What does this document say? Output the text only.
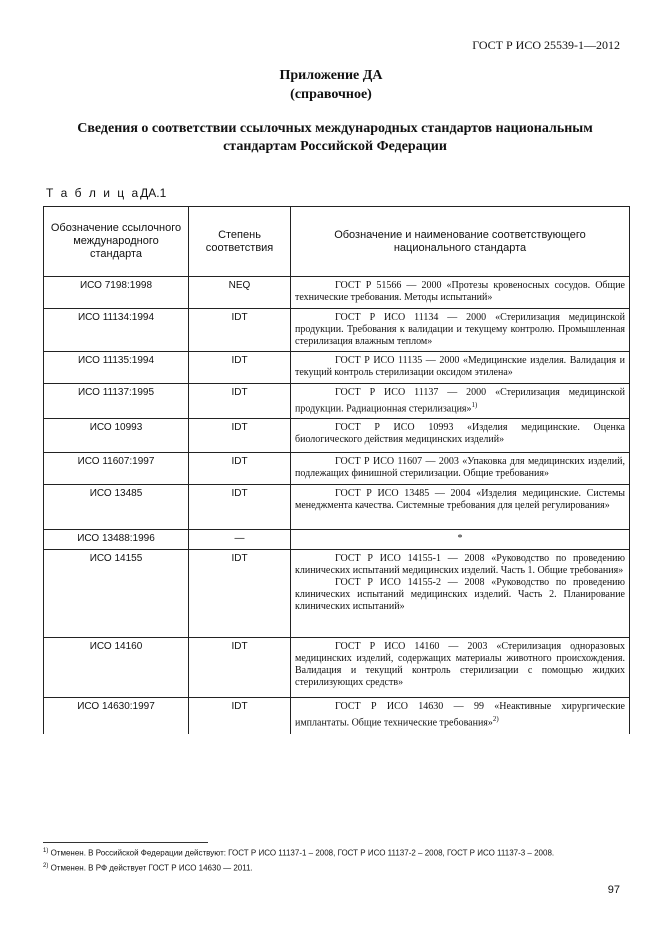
ГОСТ Р ИСО 25539-1—2012
Приложение ДА
(справочное)
Сведения о соответствии ссылочных международных стандартов национальным стандартам Российской Федерации
Т а б л и ц аДА.1
Обозначение ссылочного международного стандарта	Степень соответствия	Обозначение и наименование соответствующего национального стандарта
ИСО 7198:1998	NEQ	ГОСТ Р 51566 — 2000 «Протезы кровеносных сосудов. Общие технические требования. Методы испытаний»

ИСО 11134:1994	IDT	ГОСТ Р ИСО 11134 — 2000 «Стерилизация медицинской продукции. Требования к валидации и текущему контролю. Промышленная стерилизация влажным теплом»

ИСО 11135:1994	IDT	ГОСТ Р ИСО 11135 — 2000 «Медицинские изделия. Валидация и текущий контроль стерилизации оксидом этилена»

ИСО 11137:1995	IDT	ГОСТ Р ИСО 11137 — 2000 «Стерилизация медицинской продукции. Радиационная стерилизация»$^{1)}$

ИСО 10993	IDT	ГОСТ Р ИСО 10993 «Изделия медицинские. Оценка биологического действия медицинских изделий»

ИСО 11607:1997	IDT	ГОСТ Р ИСО 11607 — 2003 «Упаковка для медицинских изделий, подлежащих финишной стерилизации. Общие требования»

ИСО 13485	IDT	ГОСТ Р ИСО 13485 — 2004 «Изделия медицинские. Системы менеджмента качества. Системные требования для целей регулирования»

ИСО 13488:1996	—	*

ИСО 14155	IDT	ГОСТ Р ИСО 14155-1 — 2008 «Руководство по проведению клинических испытаний медицинских изделий. Часть 1. Общие требования»

ГОСТ Р ИСО 14155-2 — 2008 «Руководство по проведению клинических испытаний медицинских изделий. Часть 2. Планирование клинических испытаний»

ИСО 14160	IDT	ГОСТ Р ИСО 14160 — 2003 «Стерилизация одноразовых медицинских изделий, содержащих материалы животного происхождения. Валидация и текущий контроль стерилизации с помощью жидких стерилизующих средств»

ИСО 14630:1997	IDT	ГОСТ Р ИСО 14630 — 99 «Неактивные хирургические имплантаты. Общие технические требования»$^{2)}$

$^{1)}$ Отменен. В Российской Федерации действуют: ГОСТ Р ИСО 11137-1 – 2008, ГОСТ Р ИСО 11137-2 – 2008, ГОСТ Р ИСО 11137-3 – 2008.
$^{2)}$ Отменен. В РФ действует ГОСТ Р ИСО 14630 — 2011.
97
